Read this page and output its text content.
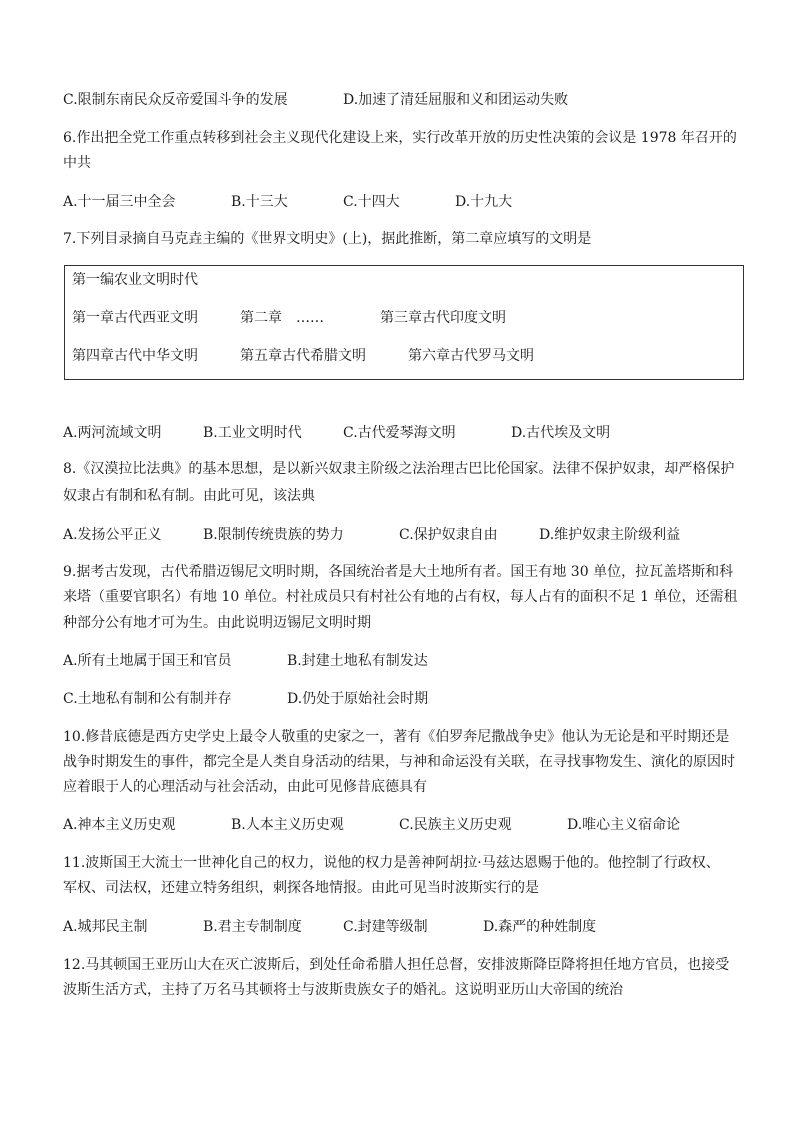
C.限制东南民众反帝爱国斗争的发展	D.加速了清廷屈服和义和团运动失败
6.作出把全党工作重点转移到社会主义现代化建设上来，实行改革开放的历史性决策的会议是 1978 年召开的
中共
A.十一届三中全会	B.十三大	C.十四大	D.十九大
7.下列目录摘自马克垚主编的《世界文明史》(上)，据此推断，第二章应填写的文明是
第一编农业文明时代
第一章古代西亚文明	第二章　……	第三章古代印度文明
第四章古代中华文明	第五章古代希腊文明	第六章古代罗马文明
A.两河流域文明	B.工业文明时代	C.古代爱琴海文明	D.古代埃及文明
8.《汉漠拉比法典》的基本思想，是以新兴奴隶主阶级之法治理古巴比伦国家。法律不保护奴隶，却严格保护
奴隶占有制和私有制。由此可见，该法典
A.发扬公平正义	B.限制传统贵族的势力	C.保护奴隶自由	D.维护奴隶主阶级利益
9.据考古发现，古代希腊迈锡尼文明时期，各国统治者是大土地所有者。国王有地 30 单位，拉瓦盖塔斯和科
来塔（重要官职名）有地 10 单位。村社成员只有村社公有地的占有权，每人占有的面积不足 1 单位，还需租
种部分公有地才可为生。由此说明迈锡尼文明时期
A.所有土地属于国王和官员	B.封建土地私有制发达
C.土地私有制和公有制并存	D.仍处于原始社会时期
10.修昔底德是西方史学史上最令人敬重的史家之一，著有《伯罗奔尼撒战争史》他认为无论是和平时期还是
战争时期发生的事件，都完全是人类自身活动的结果，与神和命运没有关联，在寻找事物发生、演化的原因时
应着眼于人的心理活动与社会活动，由此可见修昔底德具有
A.神本主义历史观	B.人本主义历史观	C.民族主义历史观	D.唯心主义宿命论
11.波斯国王大流士一世神化自己的权力，说他的权力是善神阿胡拉·马兹达恩赐于他的。他控制了行政权、
军权、司法权，还建立特务组织，刺探各地情报。由此可见当时波斯实行的是
A.城邦民主制	B.君主专制制度	C.封建等级制	D.森严的种姓制度
12.马其顿国王亚历山大在灭亡波斯后，到处任命希腊人担任总督，安排波斯降臣降将担任地方官员，也接受
波斯生活方式，主持了万名马其顿将士与波斯贵族女子的婚礼。这说明亚历山大帝国的统治
